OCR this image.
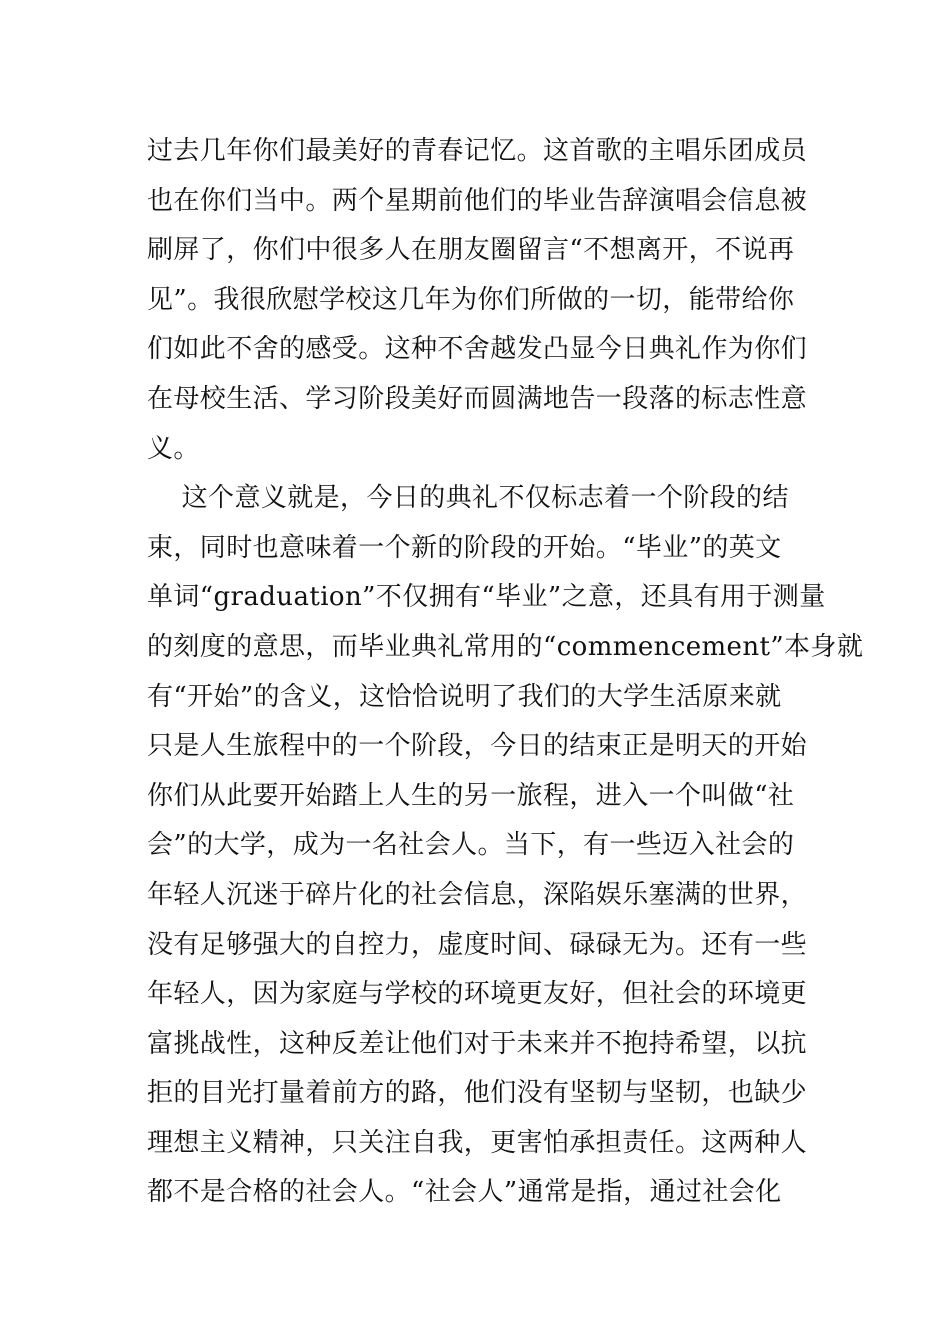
过去几年你们最美好的青春记忆。这首歌的主唱乐团成员
也在你们当中。两个星期前他们的毕业告辞演唱会信息被
刷屏了，你们中很多人在朋友圈留言“不想离开，不说再
见”。我很欣慰学校这几年为你们所做的一切，能带给你
们如此不舍的感受。这种不舍越发凸显今日典礼作为你们
在母校生活、学习阶段美好而圆满地告一段落的标志性意
义。
这个意义就是，今日的典礼不仅标志着一个阶段的结
束，同时也意味着一个新的阶段的开始。“毕业”的英文
单词“graduation”不仅拥有“毕业”之意，还具有用于测量
的刻度的意思，而毕业典礼常用的“commencement”本身就
有“开始”的含义，这恰恰说明了我们的大学生活原来就
只是人生旅程中的一个阶段，今日的结束正是明天的开始
你们从此要开始踏上人生的另一旅程，进入一个叫做“社
会”的大学，成为一名社会人。当下，有一些迈入社会的
年轻人沉迷于碎片化的社会信息，深陷娱乐塞满的世界，
没有足够强大的自控力，虚度时间、碌碌无为。还有一些
年轻人，因为家庭与学校的环境更友好，但社会的环境更
富挑战性，这种反差让他们对于未来并不抱持希望，以抗
拒的目光打量着前方的路，他们没有坚韧与坚韧，也缺少
理想主义精神，只关注自我，更害怕承担责任。这两种人
都不是合格的社会人。“社会人”通常是指，通过社会化
